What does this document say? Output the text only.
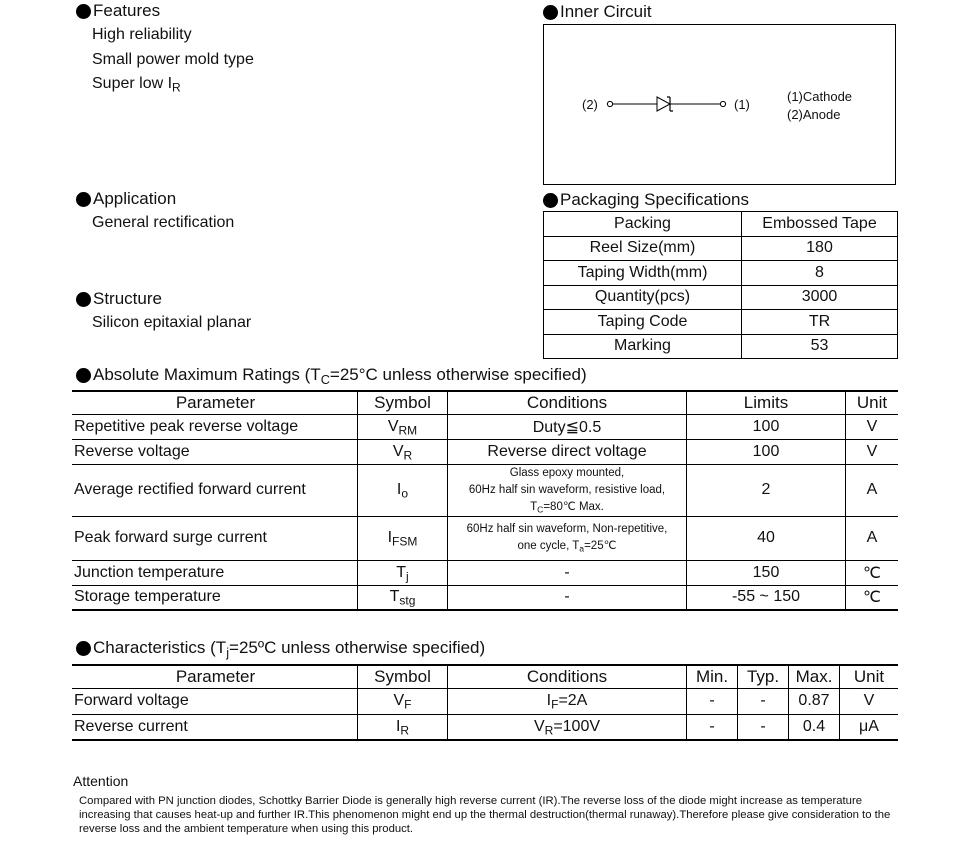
Features
High reliability
Small power mold type
Super low $I_R$
Inner Circuit
(2)	(1)
(1)Cathode
(2)Anode
Application
General rectification
Structure
Silicon epitaxial planar
Packaging Specifications
Packing	Embossed Tape
Reel Size(mm)	180
Taping Width(mm)	8
Quantity(pcs)	3000
Taping Code	TR
Marking	53
Absolute Maximum Ratings ($T_C=25^\circ C$ unless otherwise specified)
Parameter	Symbol	Conditions	Limits	Unit
Repetitive peak reverse voltage	$V_{RM}$	Duty≦0.5	100	V
Reverse voltage	$V_R$	Reverse direct voltage	100	V
Average rectified forward current	$I_o$	Glass epoxy mounted,
60Hz half sin waveform, resistive load,
$T_C=80℃$ Max.	2	A
Peak forward surge current	$I_{FSM}$	60Hz half sin waveform, Non-repetitive,
one cycle, $T_a=25℃$	40	A
Junction temperature	$T_j$	-	150	℃
Storage temperature	$T_{stg}$	-	-55 ~ 150	℃
Characteristics ($T_j=25ºC$ unless otherwise specified)
Parameter	Symbol	Conditions	Min.	Typ.	Max.	Unit
Forward voltage	$V_F$	$I_F=2A$	-	-	0.87	V
Reverse current	$I_R$	$V_R=100V$	-	-	0.4	μA
Attention
Compared with PN junction diodes, Schottky Barrier Diode is generally high reverse current (IR).The reverse loss of the diode might increase as temperature increasing that causes heat-up and further IR.This phenomenon might end up the thermal destruction(thermal runaway).Therefore please give consideration to the reverse loss and the ambient temperature when using this product.
